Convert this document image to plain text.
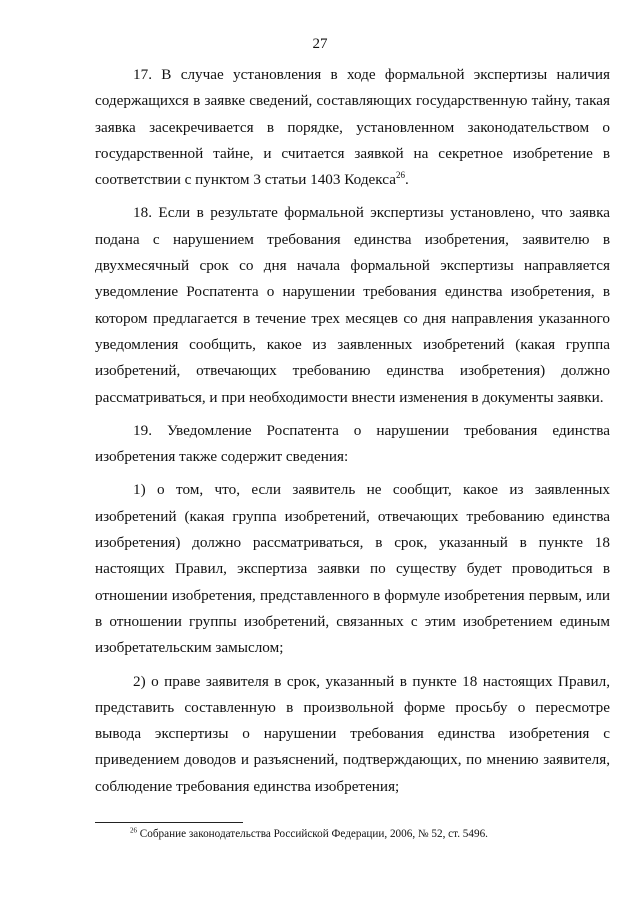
27

17. В случае установления в ходе формальной экспертизы наличия содержащихся в заявке сведений, составляющих государственную тайну, такая заявка засекречивается в порядке, установленном законодательством о государственной тайне, и считается заявкой на секретное изобретение в соответствии с пунктом 3 статьи 1403 Кодекса$^{26}$.

18. Если в результате формальной экспертизы установлено, что заявка подана с нарушением требования единства изобретения, заявителю в двухмесячный срок со дня начала формальной экспертизы направляется уведомление Роспатента о нарушении требования единства изобретения, в котором предлагается в течение трех месяцев со дня направления указанного уведомления сообщить, какое из заявленных изобретений (какая группа изобретений, отвечающих требованию единства изобретения) должно рассматриваться, и при необходимости внести изменения в документы заявки.

19. Уведомление Роспатента о нарушении требования единства изобретения также содержит сведения:

1) о том, что, если заявитель не сообщит, какое из заявленных изобретений (какая группа изобретений, отвечающих требованию единства изобретения) должно рассматриваться, в срок, указанный в пункте 18 настоящих Правил, экспертиза заявки по существу будет проводиться в отношении изобретения, представленного в формуле изобретения первым, или в отношении группы изобретений, связанных с этим изобретением единым изобретательским замыслом;

2) о праве заявителя в срок, указанный в пункте 18 настоящих Правил, представить составленную в произвольной форме просьбу о пересмотре вывода экспертизы о нарушении требования единства изобретения с приведением доводов и разъяснений, подтверждающих, по мнению заявителя, соблюдение требования единства изобретения;

$^{26}$ Собрание законодательства Российской Федерации, 2006, № 52, ст. 5496.
